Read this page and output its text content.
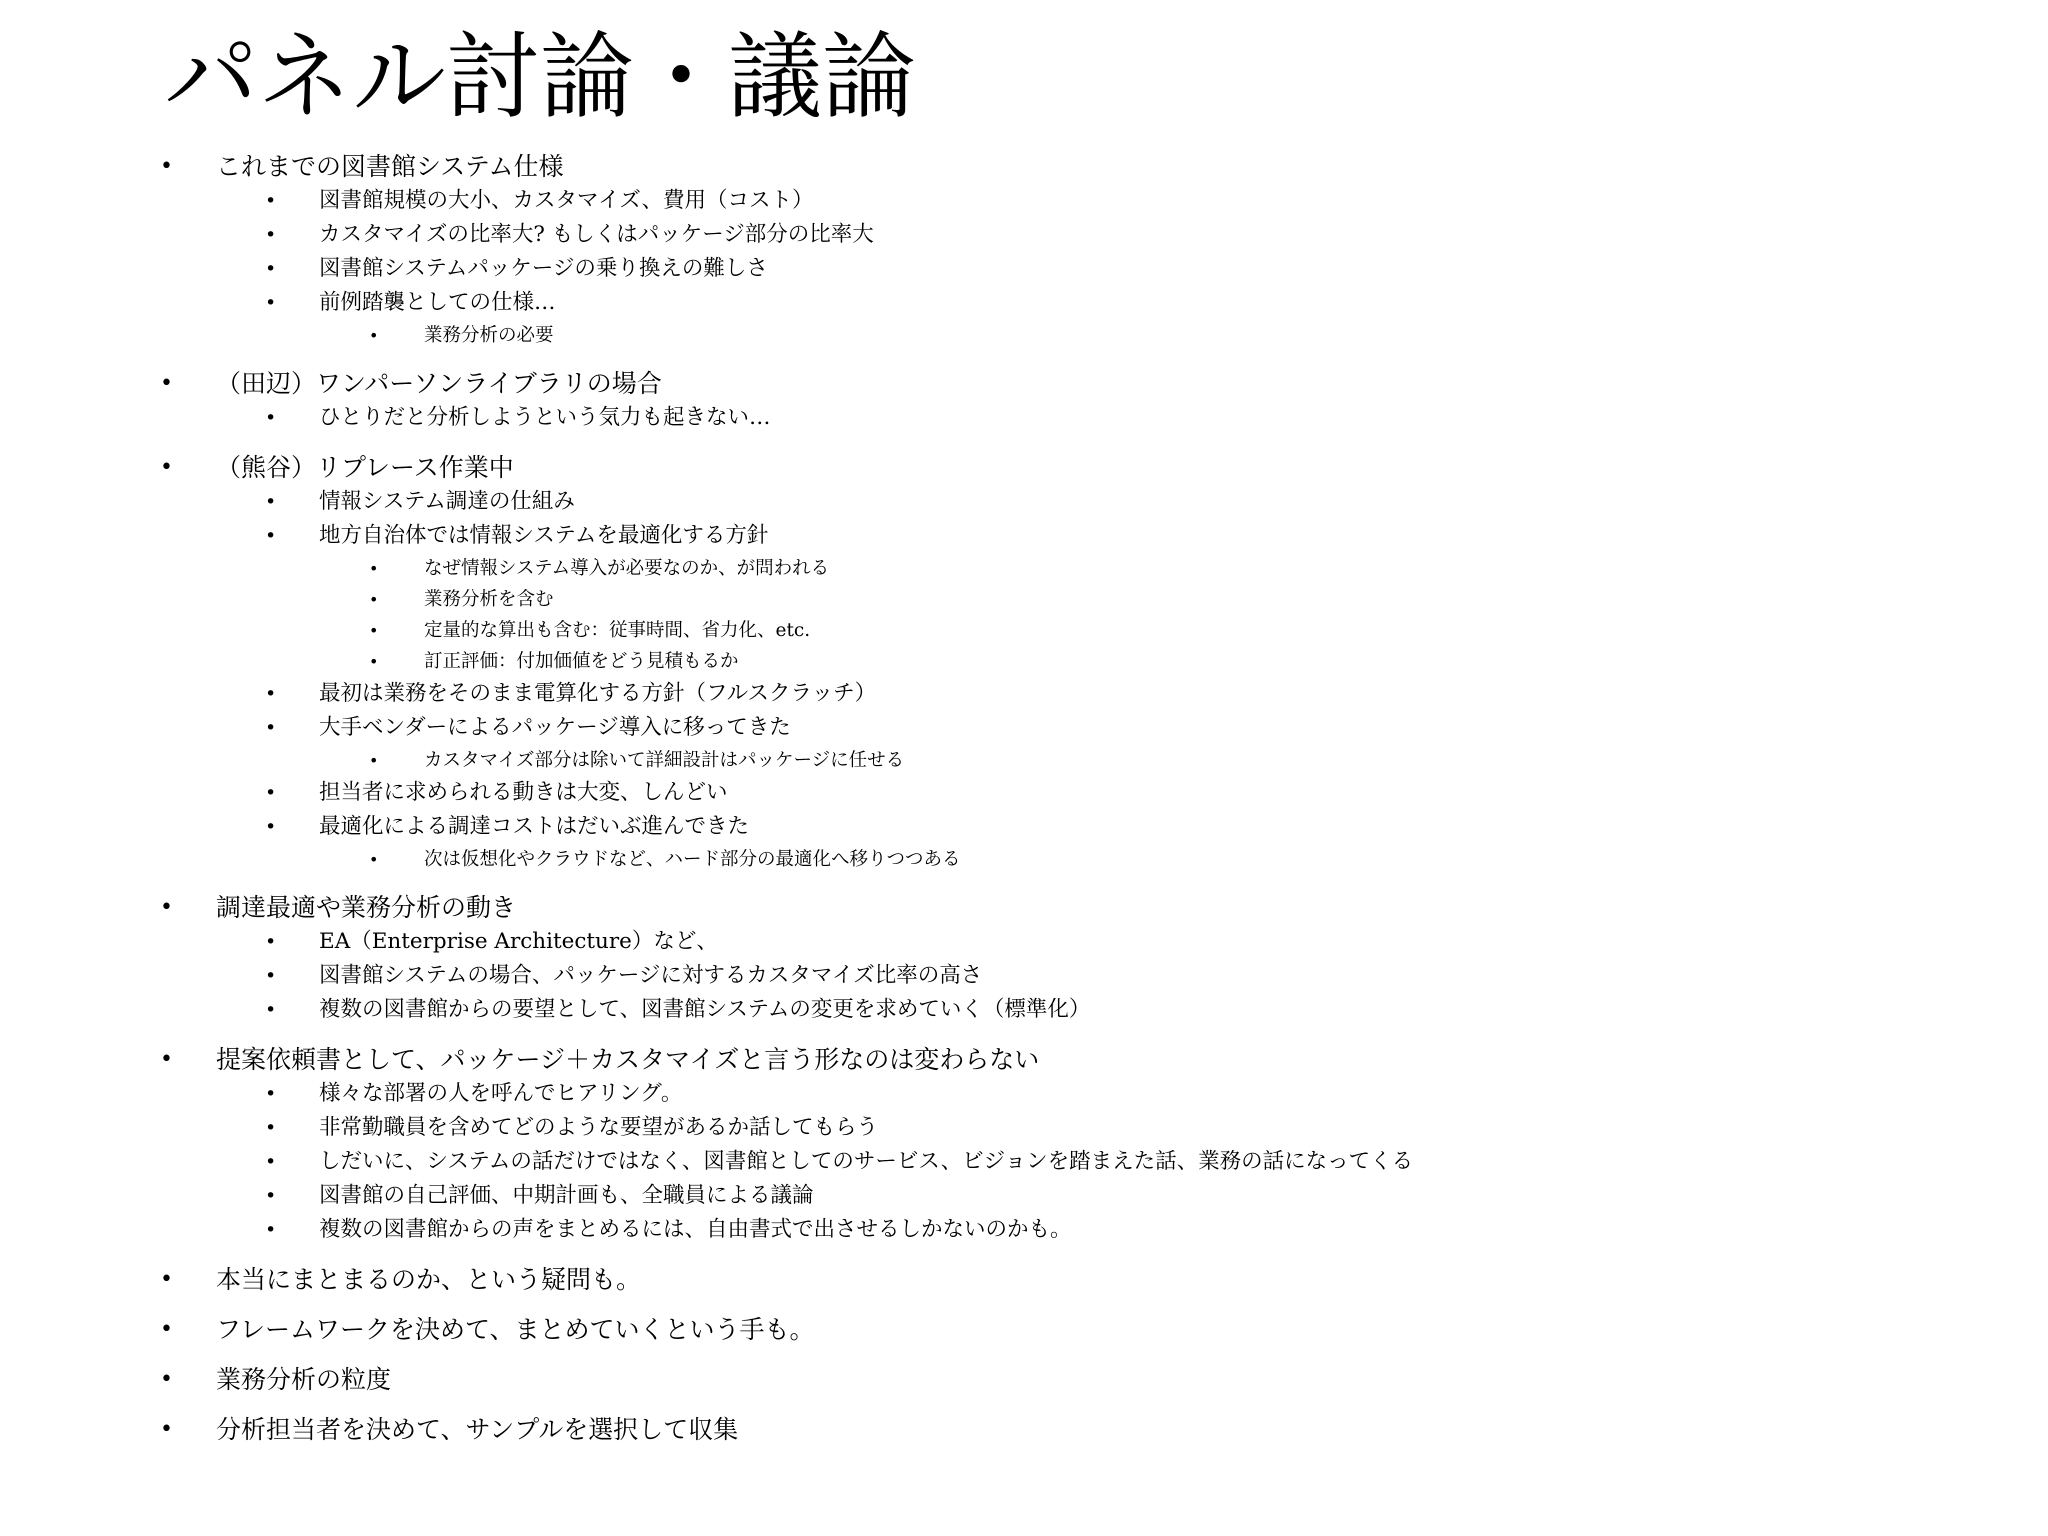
パネル討論・議論
• これまでの図書館システム仕様
• 図書館規模の大小、カスタマイズ、費用（コスト）
• カスタマイズの比率大? もしくはパッケージ部分の比率大
• 図書館システムパッケージの乗り換えの難しさ
• 前例踏襲としての仕様…
• 業務分析の必要
• （田辺）ワンパーソンライブラリの場合
• ひとりだと分析しようという気力も起きない…
• （熊谷）リプレース作業中
• 情報システム調達の仕組み
• 地方自治体では情報システムを最適化する方針
• なぜ情報システム導入が必要なのか、が問われる
• 業務分析を含む
• 定量的な算出も含む：従事時間、省力化、etc.
• 訂正評価：付加価値をどう見積もるか
• 最初は業務をそのまま電算化する方針（フルスクラッチ）
• 大手ベンダーによるパッケージ導入に移ってきた
• カスタマイズ部分は除いて詳細設計はパッケージに任せる
• 担当者に求められる動きは大変、しんどい
• 最適化による調達コストはだいぶ進んできた
• 次は仮想化やクラウドなど、ハード部分の最適化へ移りつつある
• 調達最適や業務分析の動き
• EA（Enterprise Architecture）など、
• 図書館システムの場合、パッケージに対するカスタマイズ比率の高さ
• 複数の図書館からの要望として、図書館システムの変更を求めていく（標準化）
• 提案依頼書として、パッケージ＋カスタマイズと言う形なのは変わらない
• 様々な部署の人を呼んでヒアリング。
• 非常勤職員を含めてどのような要望があるか話してもらう
• しだいに、システムの話だけではなく、図書館としてのサービス、ビジョンを踏まえた話、業務の話になってくる
• 図書館の自己評価、中期計画も、全職員による議論
• 複数の図書館からの声をまとめるには、自由書式で出させるしかないのかも。
• 本当にまとまるのか、という疑問も。
• フレームワークを決めて、まとめていくという手も。
• 業務分析の粒度
• 分析担当者を決めて、サンプルを選択して収集
